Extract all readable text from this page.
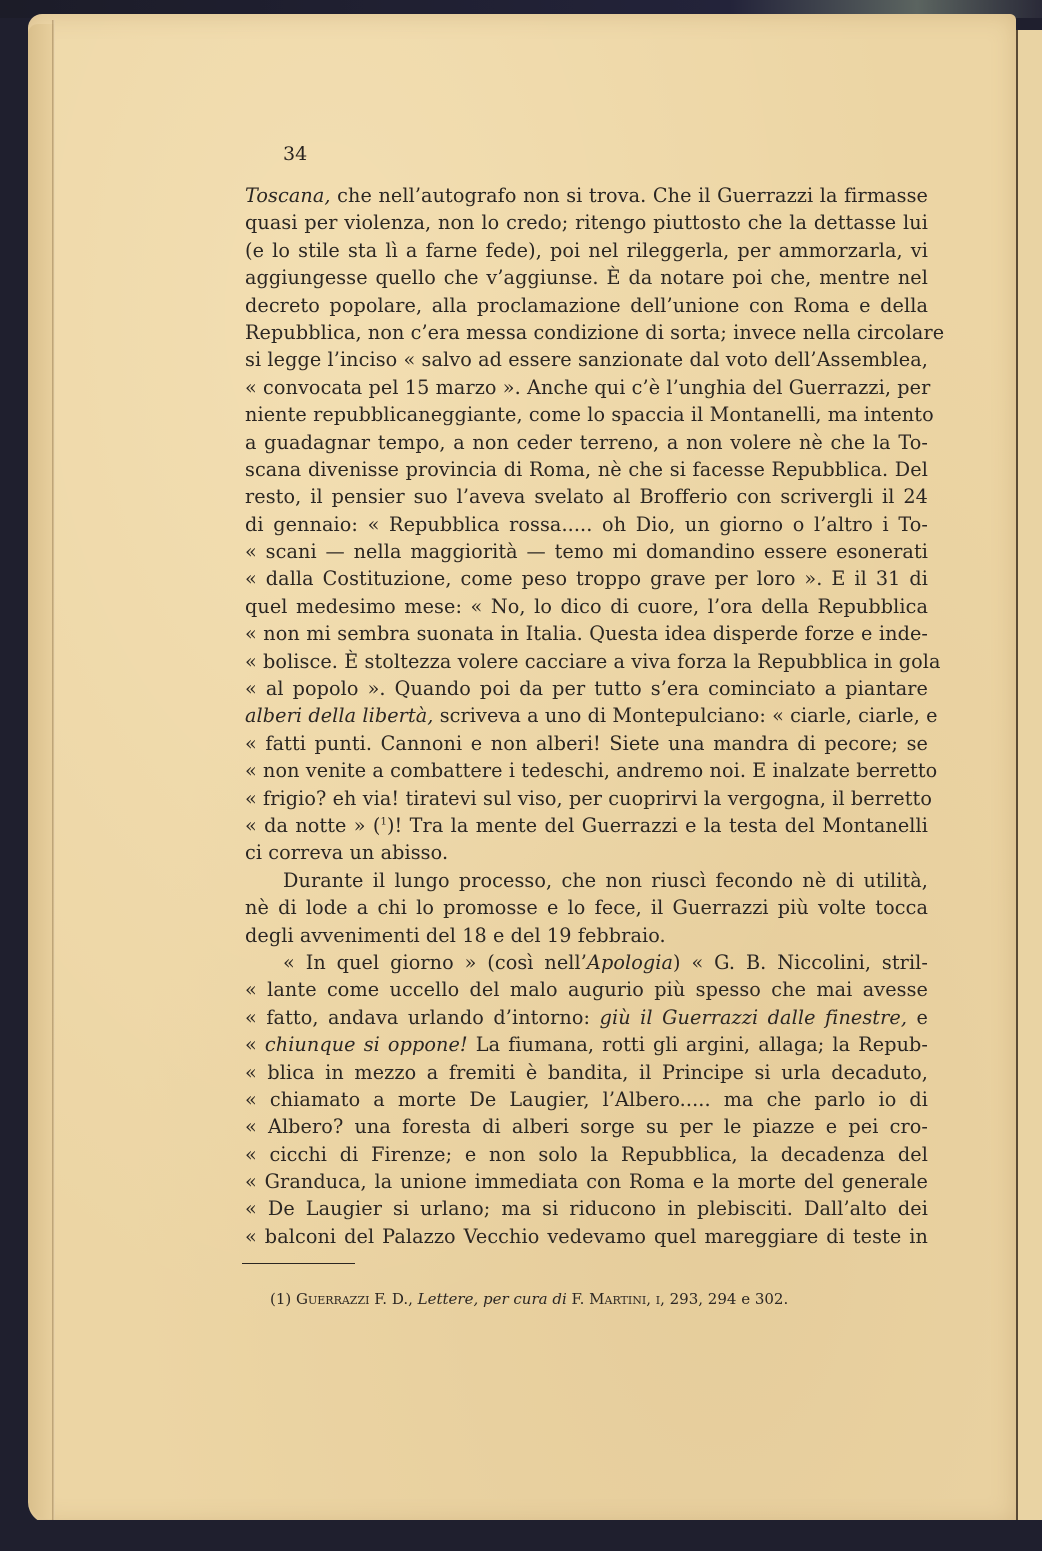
34
Toscana, che nell’autografo non si trova. Che il Guerrazzi la firmasse
quasi per violenza, non lo credo; ritengo piuttosto che la dettasse lui
(e lo stile sta lì a farne fede), poi nel rileggerla, per ammorzarla, vi
aggiungesse quello che v’aggiunse. È da notare poi che, mentre nel
decreto popolare, alla proclamazione dell’unione con Roma e della
Repubblica, non c’era messa condizione di sorta; invece nella circolare
si legge l’inciso « salvo ad essere sanzionate dal voto dell’Assemblea,
« convocata pel 15 marzo ». Anche qui c’è l’unghia del Guerrazzi, per
niente repubblicaneggiante, come lo spaccia il Montanelli, ma intento
a guadagnar tempo, a non ceder terreno, a non volere nè che la To-
scana divenisse provincia di Roma, nè che si facesse Repubblica. Del
resto, il pensier suo l’aveva svelato al Brofferio con scrivergli il 24
di gennaio: « Repubblica rossa..... oh Dio, un giorno o l’altro i To-
« scani — nella maggiorità — temo mi domandino essere esonerati
« dalla Costituzione, come peso troppo grave per loro ». E il 31 di
quel medesimo mese: « No, lo dico di cuore, l’ora della Repubblica
« non mi sembra suonata in Italia. Questa idea disperde forze e inde-
« bolisce. È stoltezza volere cacciare a viva forza la Repubblica in gola
« al popolo ». Quando poi da per tutto s’era cominciato a piantare
alberi della libertà, scriveva a uno di Montepulciano: « ciarle, ciarle, e
« fatti punti. Cannoni e non alberi! Siete una mandra di pecore; se
« non venite a combattere i tedeschi, andremo noi. E inalzate berretto
« frigio? eh via! tiratevi sul viso, per cuoprirvi la vergogna, il berretto
« da notte » ($^1$)! Tra la mente del Guerrazzi e la testa del Montanelli
ci correva un abisso.
Durante il lungo processo, che non riuscì fecondo nè di utilità,
nè di lode a chi lo promosse e lo fece, il Guerrazzi più volte tocca
degli avvenimenti del 18 e del 19 febbraio.
« In quel giorno » (così nell’Apologia) « G. B. Niccolini, stril-
« lante come uccello del malo augurio più spesso che mai avesse
« fatto, andava urlando d’intorno: giù il Guerrazzi dalle finestre, e
« chiunque si oppone! La fiumana, rotti gli argini, allaga; la Repub-
« blica in mezzo a fremiti è bandita, il Principe si urla decaduto,
« chiamato a morte De Laugier, l’Albero..... ma che parlo io di
« Albero? una foresta di alberi sorge su per le piazze e pei cro-
« cicchi di Firenze; e non solo la Repubblica, la decadenza del
« Granduca, la unione immediata con Roma e la morte del generale
« De Laugier si urlano; ma si riducono in plebisciti. Dall’alto dei
« balconi del Palazzo Vecchio vedevamo quel mareggiare di teste in
(1) Guerrazzi F. D., Lettere, per cura di F. Martini, i, 293, 294 e 302.
